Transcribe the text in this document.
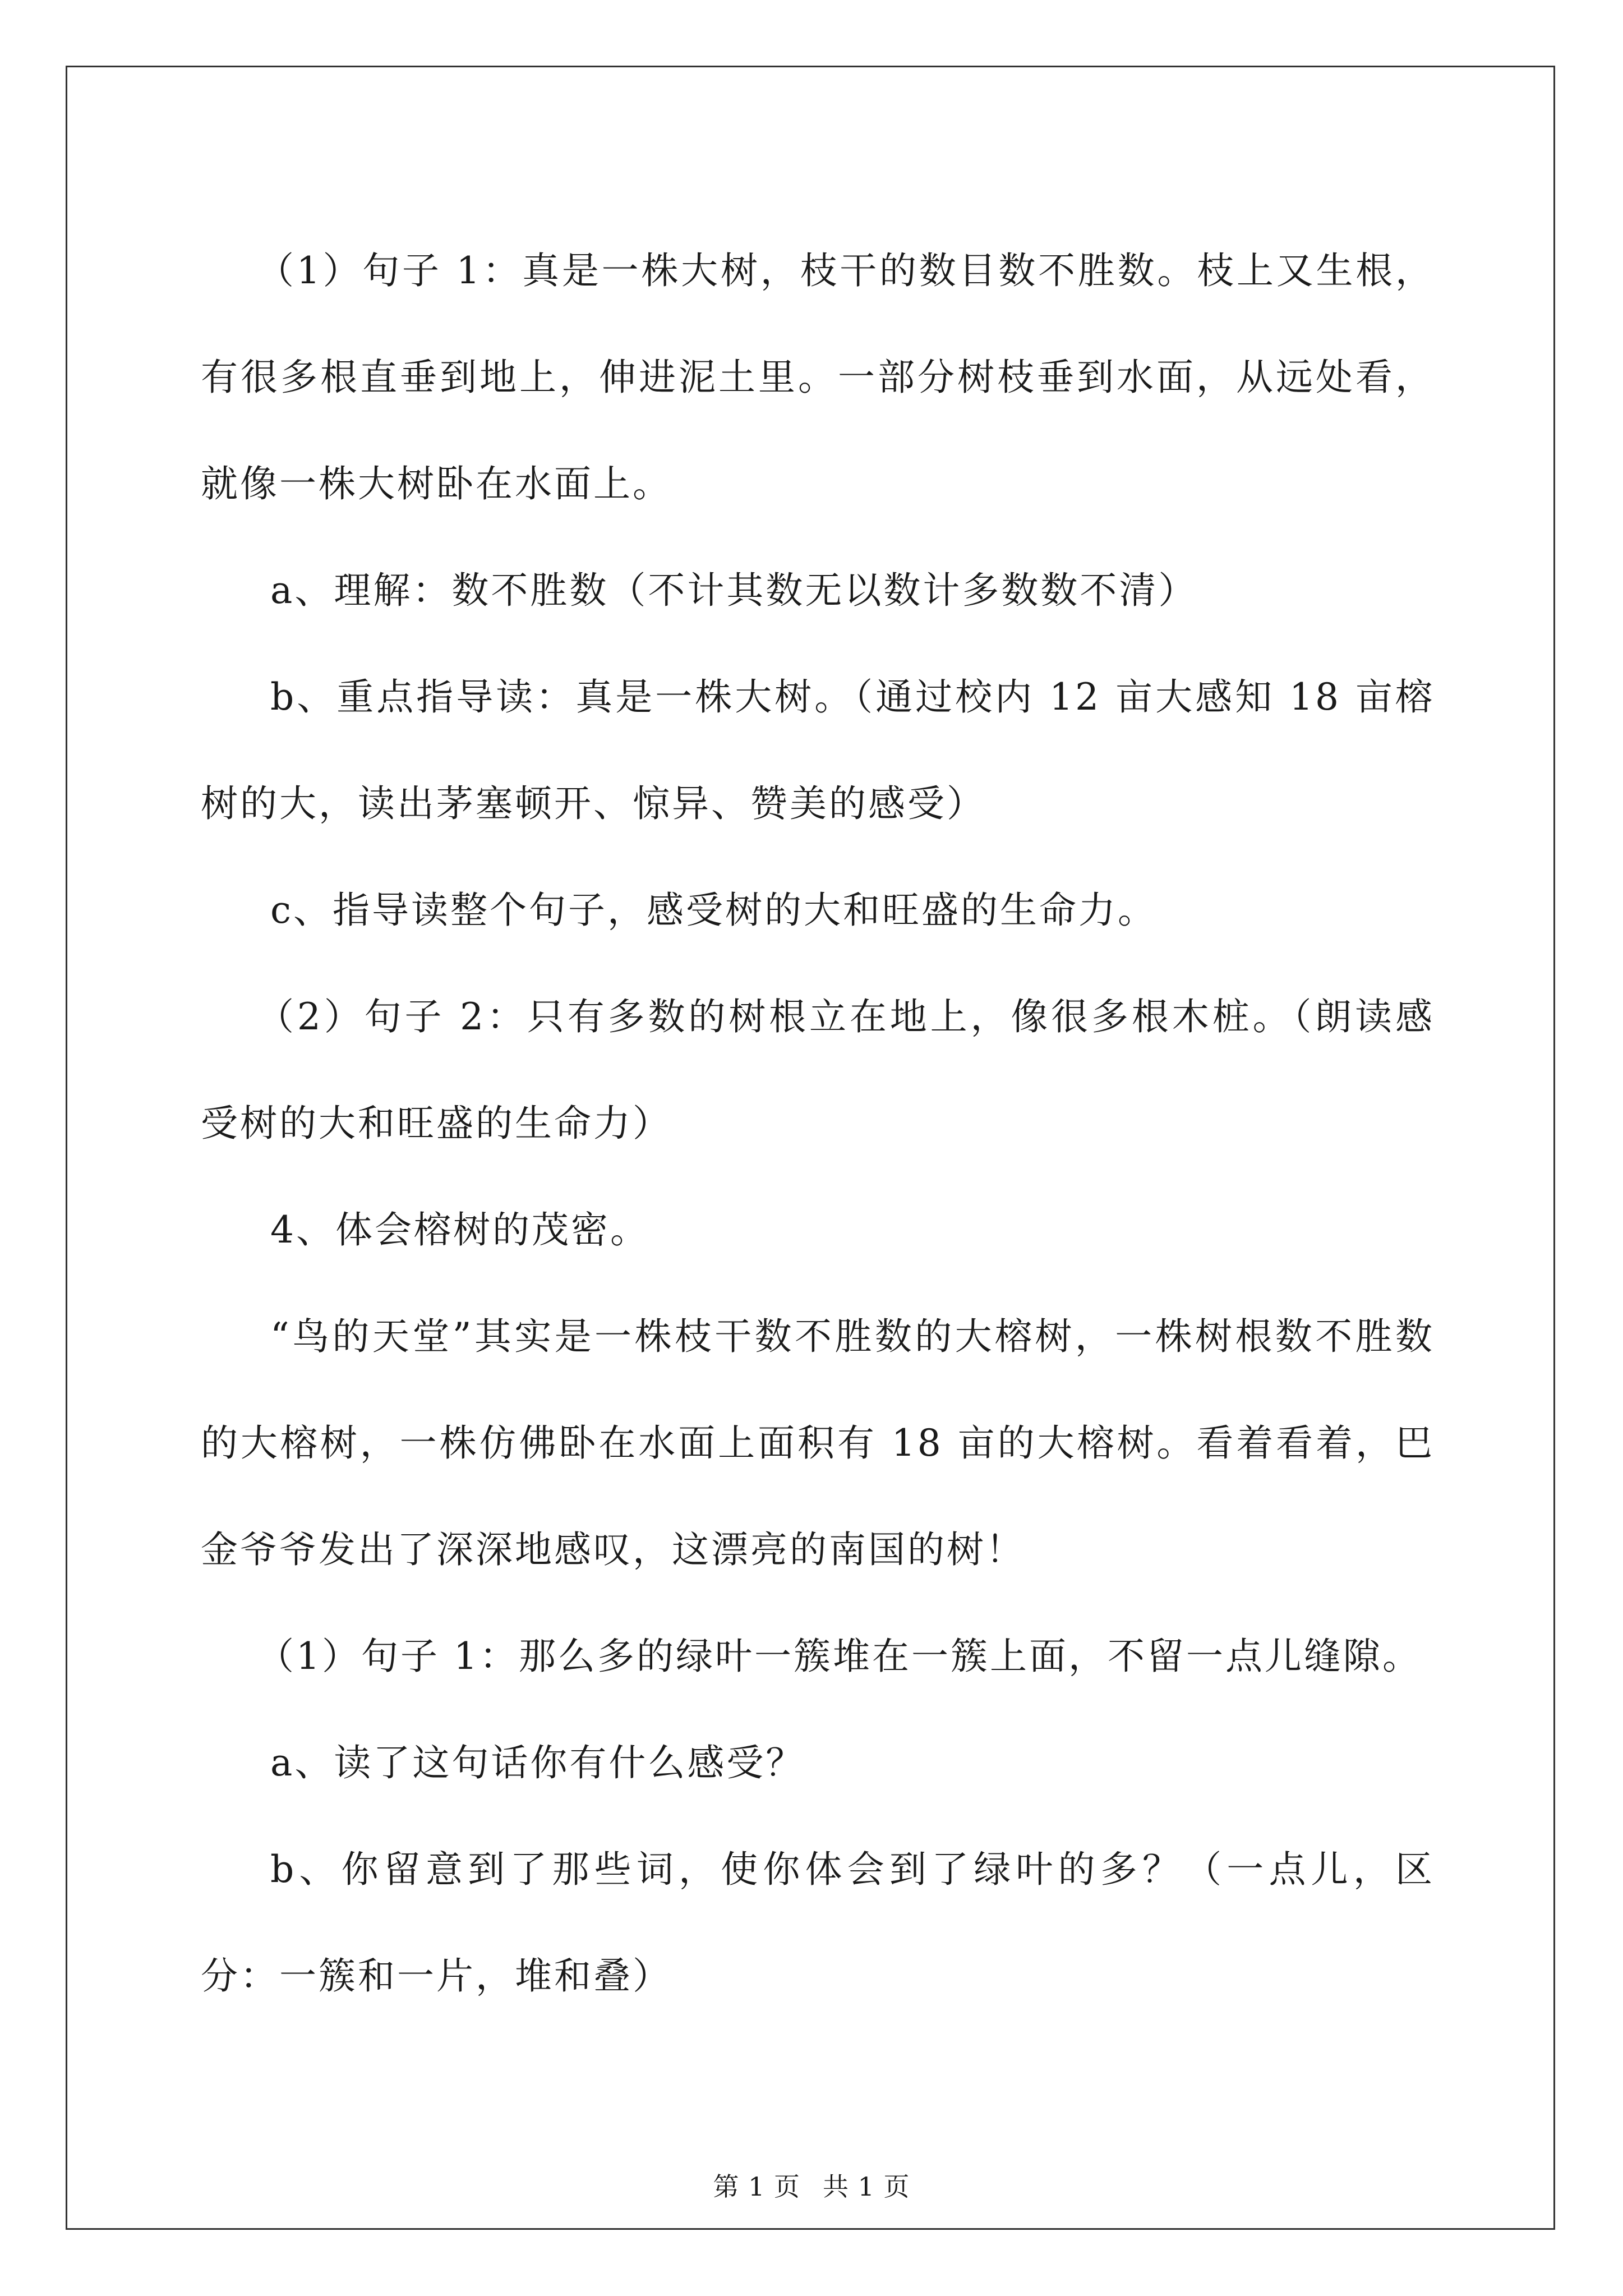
（1）句子 1：真是一株大树，枝干的数目数不胜数。枝上又生根，有很多根直垂到地上，伸进泥土里。一部分树枝垂到水面，从远处看，就像一株大树卧在水面上。

a、理解：数不胜数（不计其数无以数计多数数不清）

b、重点指导读：真是一株大树。（通过校内 12 亩大感知 18 亩榕树的大，读出茅塞顿开、惊异、赞美的感受）

c、指导读整个句子，感受树的大和旺盛的生命力。

（2）句子 2：只有多数的树根立在地上，像很多根木桩。（朗读感受树的大和旺盛的生命力）

4、体会榕树的茂密。

“鸟的天堂”其实是一株枝干数不胜数的大榕树，一株树根数不胜数的大榕树，一株仿佛卧在水面上面积有 18 亩的大榕树。看着看着，巴金爷爷发出了深深地感叹，这漂亮的南国的树！

（1）句子 1：那么多的绿叶一簇堆在一簇上面，不留一点儿缝隙。

a、读了这句话你有什么感受？

b、你留意到了那些词，使你体会到了绿叶的多？（一点儿，区分：一簇和一片，堆和叠）

第 1 页 共 1 页
